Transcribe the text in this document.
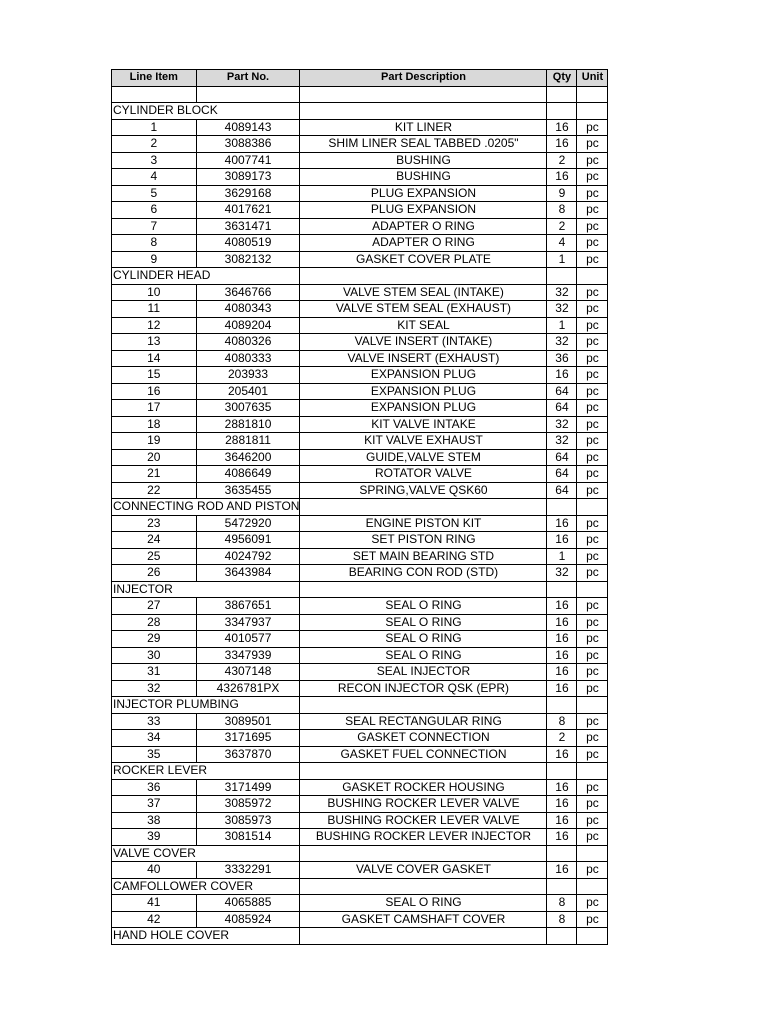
Line Item	Part No.	Part Description	Qty	Unit

CYLINDER BLOCK				
1	4089143	KIT LINER	16	pc
2	3088386	SHIM LINER SEAL TABBED .0205"	16	pc
3	4007741	BUSHING	2	pc
4	3089173	BUSHING	16	pc
5	3629168	PLUG EXPANSION	9	pc
6	4017621	PLUG EXPANSION	8	pc
7	3631471	ADAPTER O RING	2	pc
8	4080519	ADAPTER O RING	4	pc
9	3082132	GASKET COVER PLATE	1	pc
CYLINDER HEAD				
10	3646766	VALVE STEM SEAL (INTAKE)	32	pc
11	4080343	VALVE STEM SEAL (EXHAUST)	32	pc
12	4089204	KIT SEAL	1	pc
13	4080326	VALVE INSERT (INTAKE)	32	pc
14	4080333	VALVE INSERT (EXHAUST)	36	pc
15	203933	EXPANSION PLUG	16	pc
16	205401	EXPANSION PLUG	64	pc
17	3007635	EXPANSION PLUG	64	pc
18	2881810	KIT VALVE INTAKE	32	pc
19	2881811	KIT VALVE EXHAUST	32	pc
20	3646200	GUIDE,VALVE STEM	64	pc
21	4086649	ROTATOR VALVE	64	pc
22	3635455	SPRING,VALVE QSK60	64	pc
CONNECTING ROD AND PISTON				
23	5472920	ENGINE PISTON KIT	16	pc
24	4956091	SET PISTON RING	16	pc
25	4024792	SET MAIN BEARING STD	1	pc
26	3643984	BEARING CON ROD (STD)	32	pc
INJECTOR				
27	3867651	SEAL O RING	16	pc
28	3347937	SEAL O RING	16	pc
29	4010577	SEAL O RING	16	pc
30	3347939	SEAL O RING	16	pc
31	4307148	SEAL INJECTOR	16	pc
32	4326781PX	RECON INJECTOR QSK (EPR)	16	pc
INJECTOR PLUMBING				
33	3089501	SEAL RECTANGULAR RING	8	pc
34	3171695	GASKET CONNECTION	2	pc
35	3637870	GASKET FUEL CONNECTION	16	pc
ROCKER LEVER				
36	3171499	GASKET ROCKER HOUSING	16	pc
37	3085972	BUSHING ROCKER LEVER VALVE	16	pc
38	3085973	BUSHING ROCKER LEVER VALVE	16	pc
39	3081514	BUSHING ROCKER LEVER INJECTOR	16	pc
VALVE COVER				
40	3332291	VALVE COVER GASKET	16	pc
CAMFOLLOWER COVER				
41	4065885	SEAL O RING	8	pc
42	4085924	GASKET CAMSHAFT COVER	8	pc
HAND HOLE COVER				
